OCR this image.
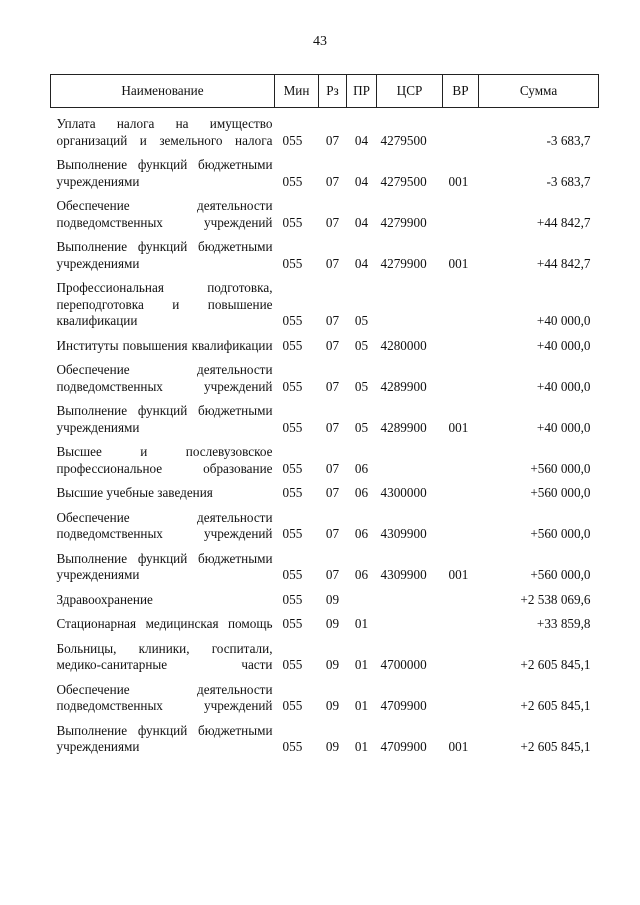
43
Наименование	Мин	Рз	ПР	ЦСР	ВР	Сумма

Уплата налога на имущество организаций и земельного налога	055	07	04	4279500		-3 683,7

Выполнение функций бюджетными учреждениями	055	07	04	4279500	001	-3 683,7

Обеспечение деятельности подведомственных учреждений	055	07	04	4279900		+44 842,7

Выполнение функций бюджетными учреждениями	055	07	04	4279900	001	+44 842,7

Профессиональная подготовка, переподготовка и повышение квалификации	055	07	05			+40 000,0

Институты повышения квалификации	055	07	05	4280000		+40 000,0

Обеспечение деятельности подведомственных учреждений	055	07	05	4289900		+40 000,0

Выполнение функций бюджетными учреждениями	055	07	05	4289900	001	+40 000,0

Высшее и послевузовское профессиональное образование	055	07	06			+560 000,0

Высшие учебные заведения	055	07	06	4300000		+560 000,0

Обеспечение деятельности подведомственных учреждений	055	07	06	4309900		+560 000,0

Выполнение функций бюджетными учреждениями	055	07	06	4309900	001	+560 000,0

Здравоохранение	055	09				+2 538 069,6

Стационарная медицинская помощь	055	09	01			+33 859,8

Больницы, клиники, госпитали, медико-санитарные части	055	09	01	4700000		+2 605 845,1

Обеспечение деятельности подведомственных учреждений	055	09	01	4709900		+2 605 845,1

Выполнение функций бюджетными учреждениями	055	09	01	4709900	001	+2 605 845,1
